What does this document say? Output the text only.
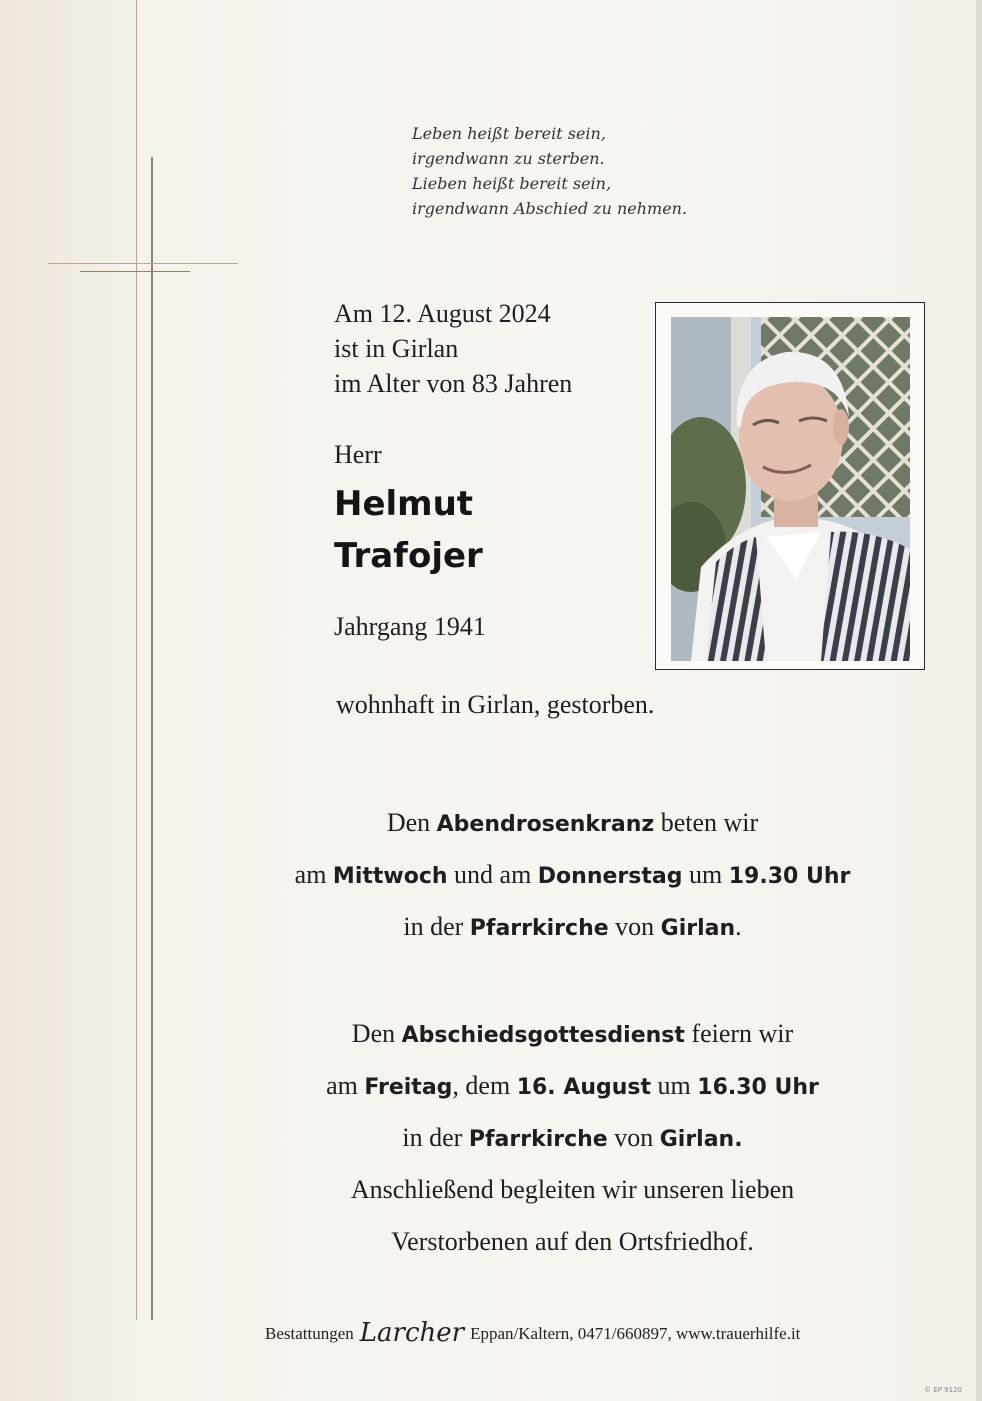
Leben heißt bereit sein,
irgendwann zu sterben.
Lieben heißt bereit sein,
irgendwann Abschied zu nehmen.
Am 12. August 2024
ist in Girlan
im Alter von 83 Jahren
Herr
Helmut
Trafojer
Jahrgang 1941
wohnhaft in Girlan, gestorben.
Den Abendrosenkranz beten wir
am Mittwoch und am Donnerstag um 19.30 Uhr
in der Pfarrkirche von Girlan.
Den Abschiedsgottesdienst feiern wir
am Freitag, dem 16. August um 16.30 Uhr
in der Pfarrkirche von Girlan.
Anschließend begleiten wir unseren lieben
Verstorbenen auf den Ortsfriedhof.
Bestattungen Larcher Eppan/Kaltern, 0471/660897, www.trauerhilfe.it
© EP 9120
